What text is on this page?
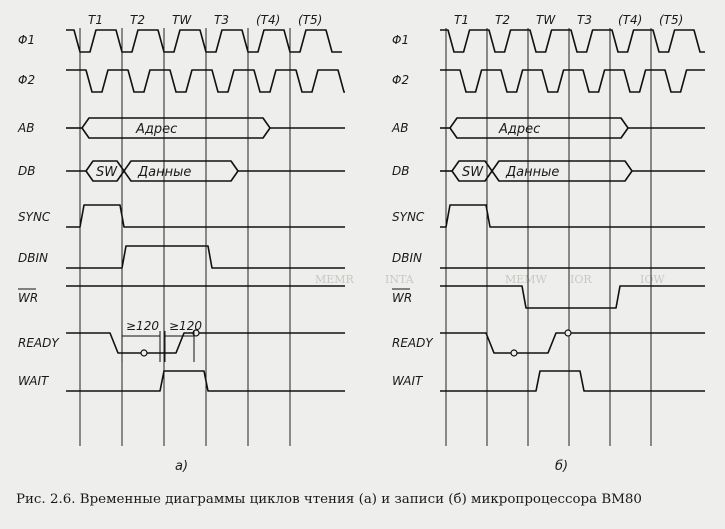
MEMW IOR	IOW
INTA
MEMR
T1 T2 TW T3 (T4) (T5)
Φ1
Φ2
AB
DB
SYNC
DBIN
WR
READY
WAIT
Адрес
SW Данные
≥120 ≥120
а)
T1 T2 TW T3 (T4) (T5)
Φ1
Φ2
AB
DB
SYNC
DBIN
WR
READY
WAIT
Адрес
SW Данные
б)
Рис. 2.6. Временные диаграммы циклов чтения (а) и записи (б) микропроцессора ВМ80
